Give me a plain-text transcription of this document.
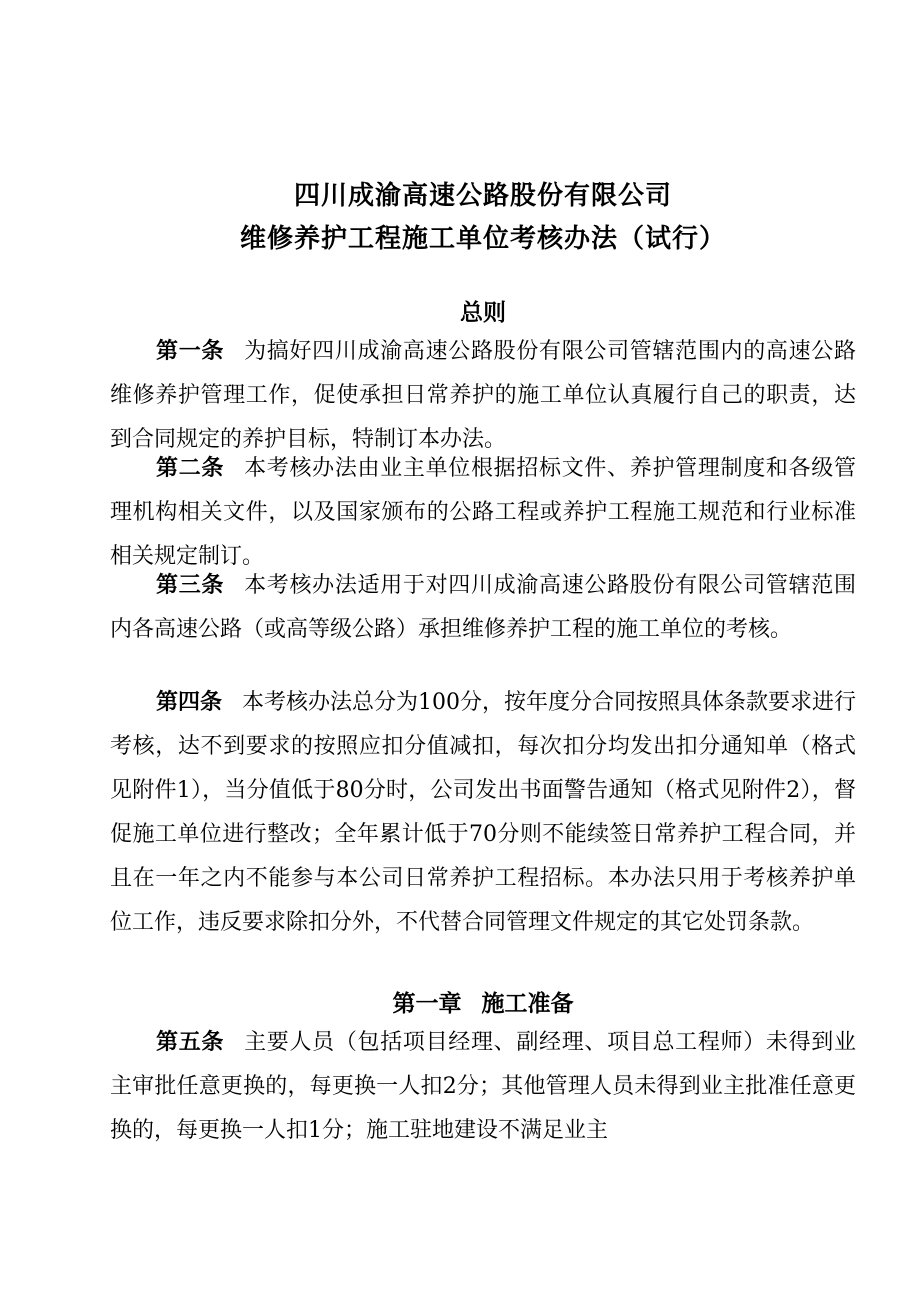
四川成渝高速公路股份有限公司
维修养护工程施工单位考核办法（试行）
总则

第一条 为搞好四川成渝高速公路股份有限公司管辖范围内的高速公路维修养护管理工作，促使承担日常养护的施工单位认真履行自己的职责，达到合同规定的养护目标，特制订本办法。

第二条 本考核办法由业主单位根据招标文件、养护管理制度和各级管理机构相关文件，以及国家颁布的公路工程或养护工程施工规范和行业标准相关规定制订。

第三条 本考核办法适用于对四川成渝高速公路股份有限公司管辖范围内各高速公路（或高等级公路）承担维修养护工程的施工单位的考核。

第四条 本考核办法总分为100分，按年度分合同按照具体条款要求进行考核，达不到要求的按照应扣分值减扣，每次扣分均发出扣分通知单（格式见附件1），当分值低于80分时，公司发出书面警告通知（格式见附件2），督促施工单位进行整改；全年累计低于70分则不能续签日常养护工程合同，并且在一年之内不能参与本公司日常养护工程招标。本办法只用于考核养护单位工作，违反要求除扣分外，不代替合同管理文件规定的其它处罚条款。

第一章 施工准备

第五条 主要人员（包括项目经理、副经理、项目总工程师）未得到业主审批任意更换的，每更换一人扣2分；其他管理人员未得到业主批准任意更换的，每更换一人扣1分；施工驻地建设不满足业主
